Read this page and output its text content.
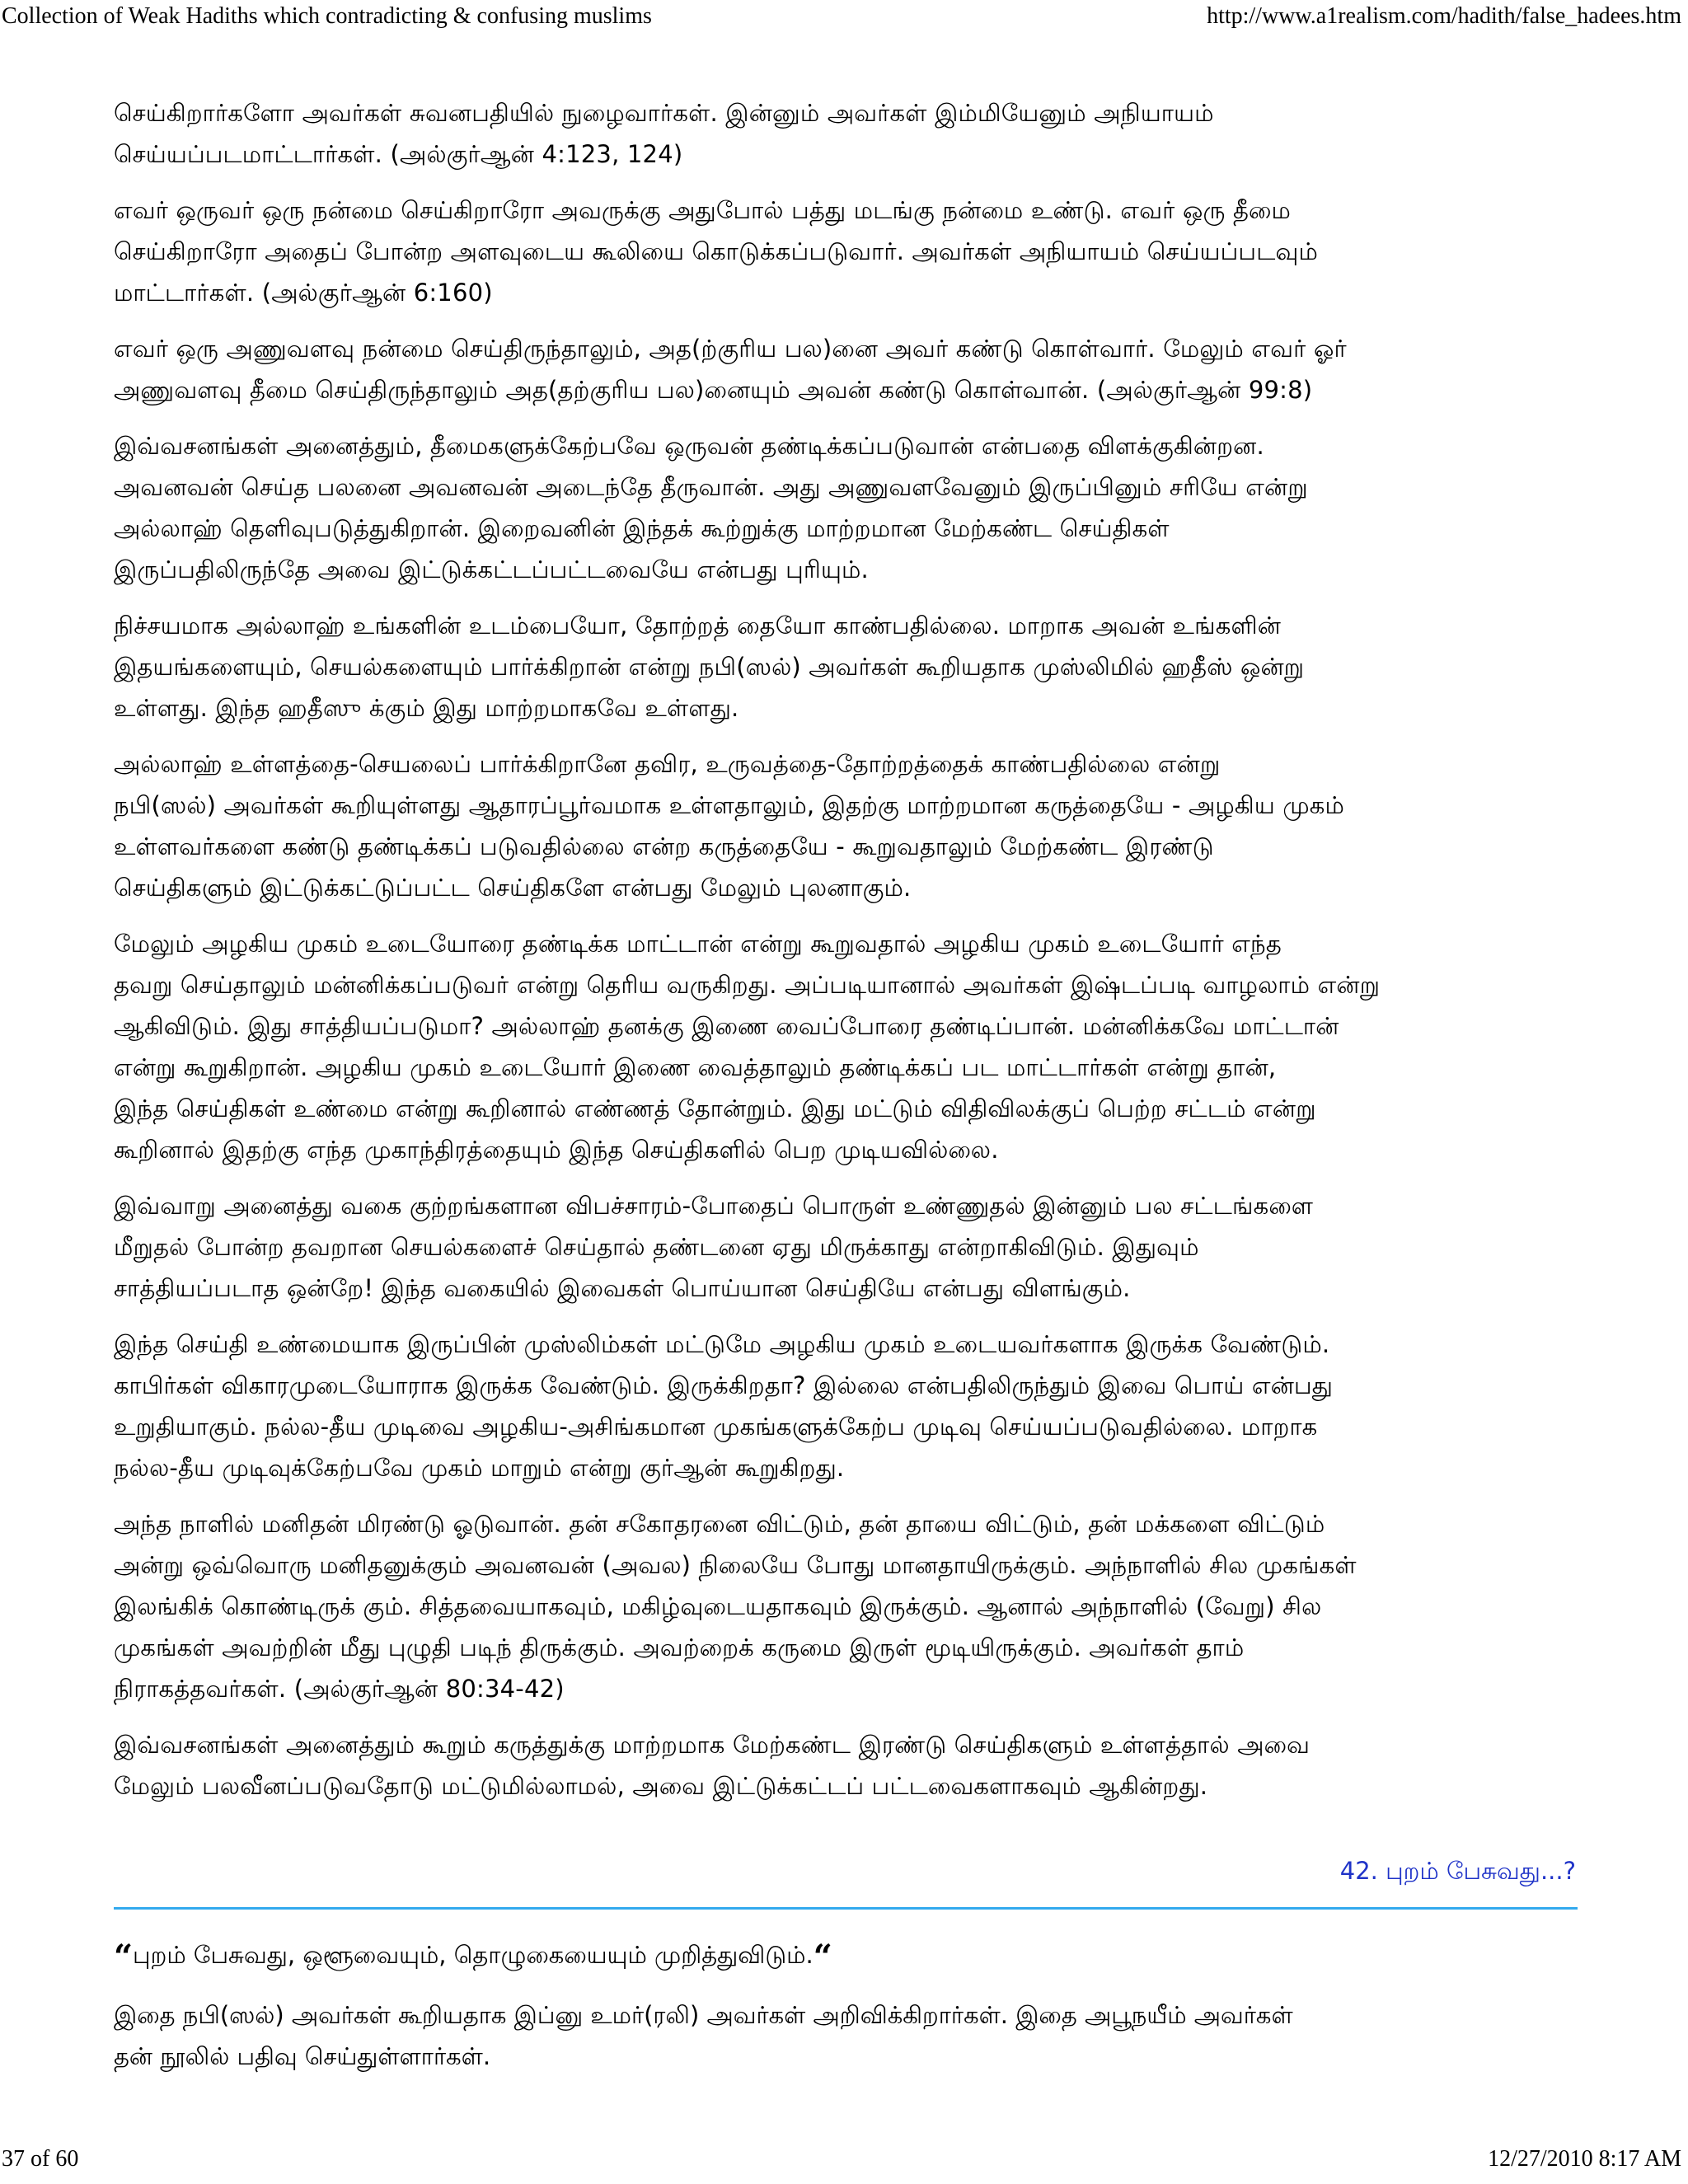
Collection of Weak Hadiths which contradicting & confusing muslims	http://www.a1realism.com/hadith/false_hadees.htm
செய்கிறார்களோ அவர்கள் சுவனபதியில் நுழைவார்கள். இன்னும் அவர்கள் இம்மியேனும் அநியாயம்
செய்யப்படமாட்டார்கள். (அல்குர்ஆன் 4:123, 124)
எவர் ஒருவர் ஒரு நன்மை செய்கிறாரோ அவருக்கு அதுபோல் பத்து மடங்கு நன்மை உண்டு. எவர் ஒரு தீமை
செய்கிறாரோ அதைப் போன்ற அளவுடைய கூலியை கொடுக்கப்படுவார். அவர்கள் அநியாயம் செய்யப்படவும்
மாட்டார்கள். (அல்குர்ஆன் 6:160)
எவர் ஒரு அணுவளவு நன்மை செய்திருந்தாலும், அத(ற்குரிய பல)னை அவர் கண்டு கொள்வார். மேலும் எவர் ஓர்
அணுவளவு தீமை செய்திருந்தாலும் அத(தற்குரிய பல)னையும் அவன் கண்டு கொள்வான். (அல்குர்ஆன் 99:8)
இவ்வசனங்கள் அனைத்தும், தீமைகளுக்கேற்பவே ஒருவன் தண்டிக்கப்படுவான் என்பதை விளக்குகின்றன.
அவனவன் செய்த பலனை அவனவன் அடைந்தே தீருவான். அது அணுவளவேனும் இருப்பினும் சரியே என்று
அல்லாஹ் தெளிவுபடுத்துகிறான். இறைவனின் இந்தக் கூற்றுக்கு மாற்றமான மேற்கண்ட செய்திகள்
இருப்பதிலிருந்தே அவை இட்டுக்கட்டப்பட்டவையே என்பது புரியும்.
நிச்சயமாக அல்லாஹ் உங்களின் உடம்பையோ, தோற்றத் தையோ காண்பதில்லை. மாறாக அவன் உங்களின்
இதயங்களையும், செயல்களையும் பார்க்கிறான் என்று நபி(ஸல்) அவர்கள் கூறியதாக முஸ்லிமில் ஹதீஸ் ஒன்று
உள்ளது. இந்த ஹதீஸு க்கும் இது மாற்றமாகவே உள்ளது.
அல்லாஹ் உள்ளத்தை-செயலைப் பார்க்கிறானே தவிர, உருவத்தை-தோற்றத்தைக் காண்பதில்லை என்று
நபி(ஸல்) அவர்கள் கூறியுள்ளது ஆதாரப்பூர்வமாக உள்ளதாலும், இதற்கு மாற்றமான கருத்தையே - அழகிய முகம்
உள்ளவர்களை கண்டு தண்டிக்கப் படுவதில்லை என்ற கருத்தையே - கூறுவதாலும் மேற்கண்ட இரண்டு
செய்திகளும் இட்டுக்கட்டுப்பட்ட செய்திகளே என்பது மேலும் புலனாகும்.
மேலும் அழகிய முகம் உடையோரை தண்டிக்க மாட்டான் என்று கூறுவதால் அழகிய முகம் உடையோர் எந்த
தவறு செய்தாலும் மன்னிக்கப்படுவர் என்று தெரிய வருகிறது. அப்படியானால் அவர்கள் இஷ்டப்படி வாழலாம் என்று
ஆகிவிடும். இது சாத்தியப்படுமா? அல்லாஹ் தனக்கு இணை வைப்போரை தண்டிப்பான். மன்னிக்கவே மாட்டான்
என்று கூறுகிறான். அழகிய முகம் உடையோர் இணை வைத்தாலும் தண்டிக்கப் பட மாட்டார்கள் என்று தான்,
இந்த செய்திகள் உண்மை என்று கூறினால் எண்ணத் தோன்றும். இது மட்டும் விதிவிலக்குப் பெற்ற சட்டம் என்று
கூறினால் இதற்கு எந்த முகாந்திரத்தையும் இந்த செய்திகளில் பெற முடியவில்லை.
இவ்வாறு அனைத்து வகை குற்றங்களான விபச்சாரம்-போதைப் பொருள் உண்ணுதல் இன்னும் பல சட்டங்களை
மீறுதல் போன்ற தவறான செயல்களைச் செய்தால் தண்டனை ஏது மிருக்காது என்றாகிவிடும். இதுவும்
சாத்தியப்படாத ஒன்றே! இந்த வகையில் இவைகள் பொய்யான செய்தியே என்பது விளங்கும்.
இந்த செய்தி உண்மையாக இருப்பின் முஸ்லிம்கள் மட்டுமே அழகிய முகம் உடையவர்களாக இருக்க வேண்டும்.
காபிர்கள் விகாரமுடையோராக இருக்க வேண்டும். இருக்கிறதா? இல்லை என்பதிலிருந்தும் இவை பொய் என்பது
உறுதியாகும். நல்ல-தீய முடிவை அழகிய-அசிங்கமான முகங்களுக்கேற்ப முடிவு செய்யப்படுவதில்லை. மாறாக
நல்ல-தீய முடிவுக்கேற்பவே முகம் மாறும் என்று குர்ஆன் கூறுகிறது.
அந்த நாளில் மனிதன் மிரண்டு ஓடுவான். தன் சகோதரனை விட்டும், தன் தாயை விட்டும், தன் மக்களை விட்டும்
அன்று ஒவ்வொரு மனிதனுக்கும் அவனவன் (அவல) நிலையே போது மானதாயிருக்கும். அந்நாளில் சில முகங்கள்
இலங்கிக் கொண்டிருக் கும். சித்தவையாகவும், மகிழ்வுடையதாகவும் இருக்கும். ஆனால் அந்நாளில் (வேறு) சில
முகங்கள் அவற்றின் மீது புழுதி படிந் திருக்கும். அவற்றைக் கருமை இருள் மூடியிருக்கும். அவர்கள் தாம்
நிராகத்தவர்கள். (அல்குர்ஆன் 80:34-42)
இவ்வசனங்கள் அனைத்தும் கூறும் கருத்துக்கு மாற்றமாக மேற்கண்ட இரண்டு செய்திகளும் உள்ளத்தால் அவை
மேலும் பலவீனப்படுவதோடு மட்டுமில்லாமல், அவை இட்டுக்கட்டப் பட்டவைகளாகவும் ஆகின்றது.
42. புறம் பேசுவது...?
“புறம் பேசுவது, ஒளூவையும், தொழுகையையும் முறித்துவிடும்.“
இதை நபி(ஸல்) அவர்கள் கூறியதாக இப்னு உமர்(ரலி) அவர்கள் அறிவிக்கிறார்கள். இதை அபூநயீம் அவர்கள்
தன் நூலில் பதிவு செய்துள்ளார்கள்.
37 of 60	12/27/2010 8:17 AM
